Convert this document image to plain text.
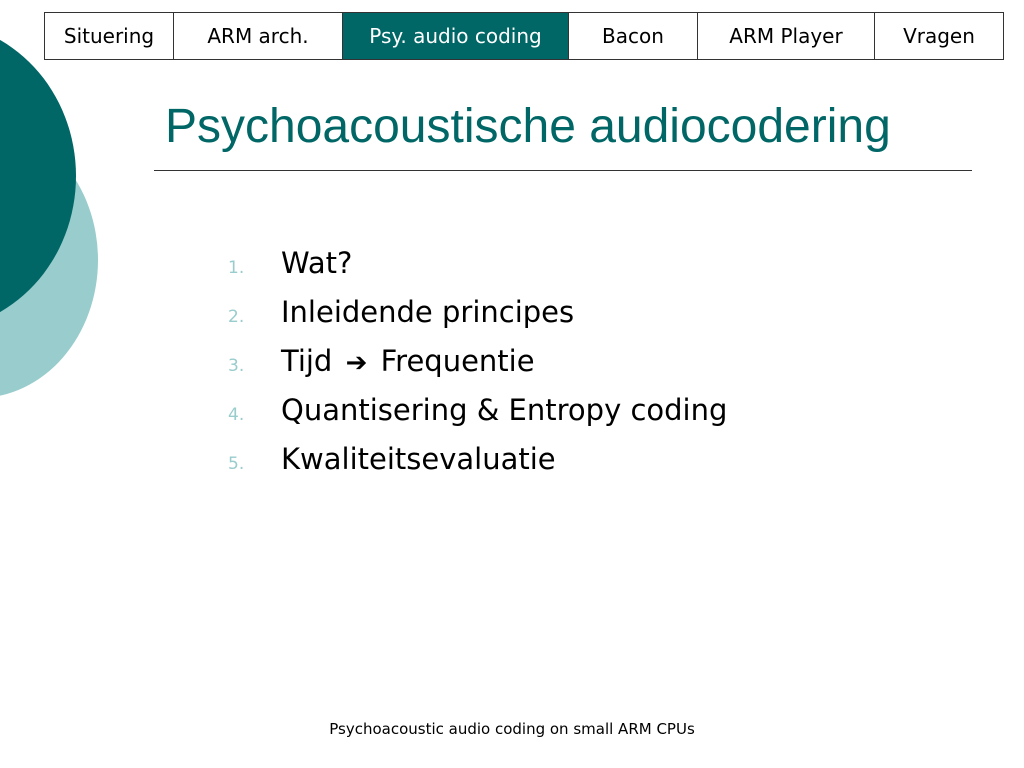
Situering	ARM arch.	Psy. audio coding	Bacon	ARM Player	Vragen
Psychoacoustische audiocodering
1.	Wat?
2.	Inleidende principes
3.	Tijd ➔ Frequentie
4.	Quantisering & Entropy coding
5.	Kwaliteitsevaluatie
Psychoacoustic audio coding on small ARM CPUs
